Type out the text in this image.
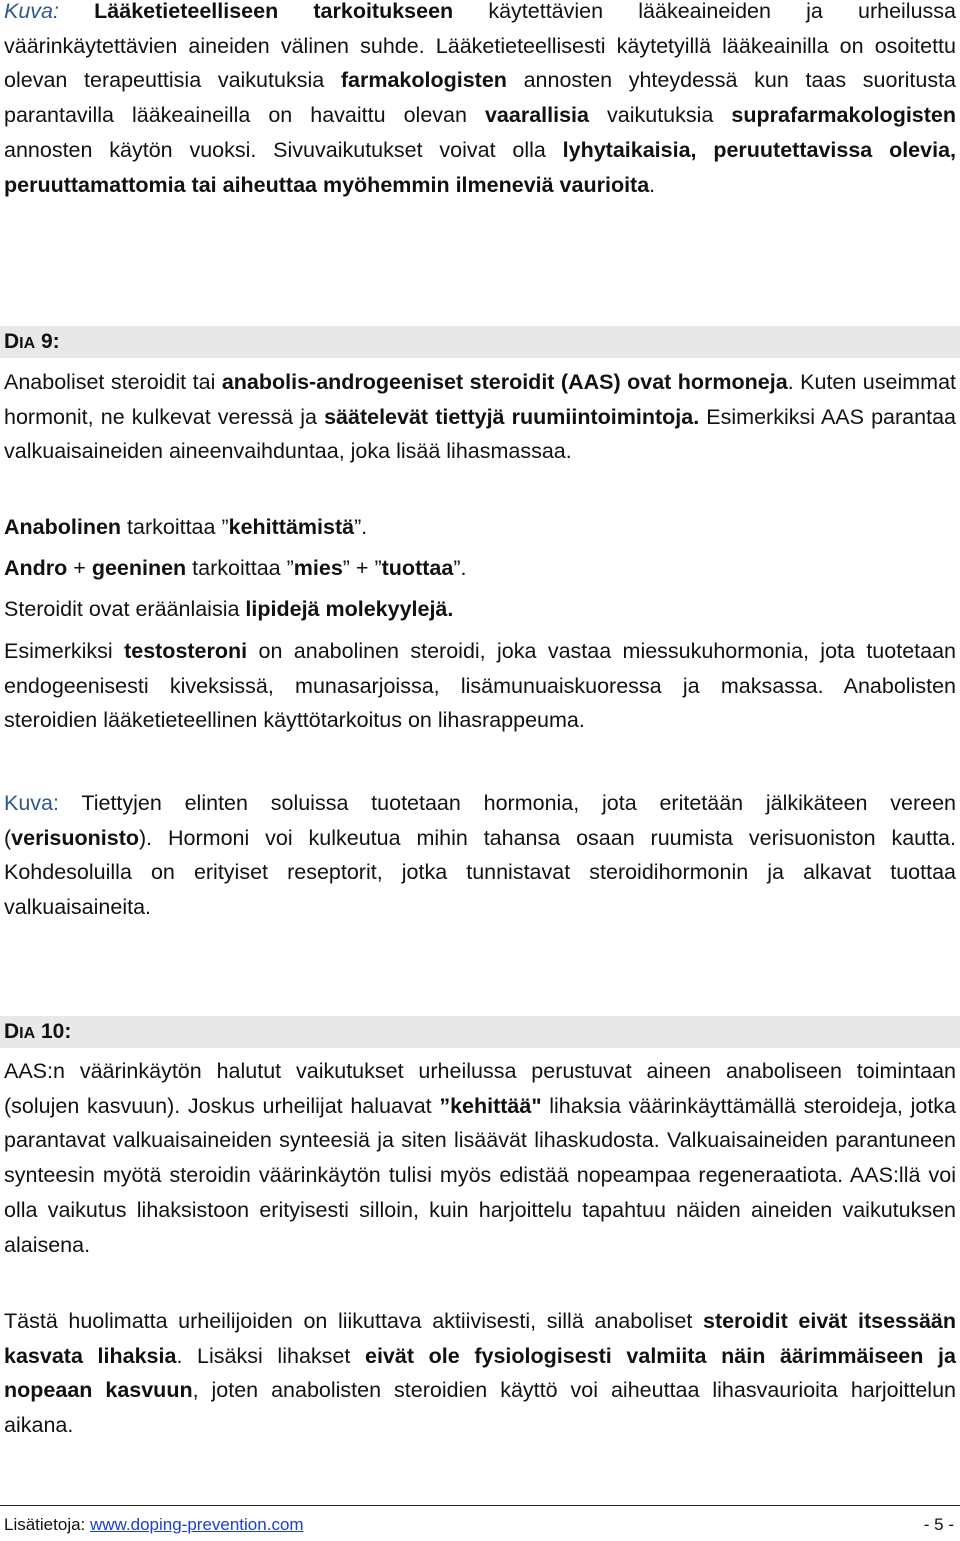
Kuva: Lääketieteelliseen tarkoitukseen käytettävien lääkeaineiden ja urheilussa väärinkäytettävien aineiden välinen suhde. Lääketieteellisesti käytetyillä lääkeainilla on osoitettu olevan terapeuttisia vaikutuksia farmakologisten annosten yhteydessä kun taas suoritusta parantavilla lääkeaineilla on havaittu olevan vaarallisia vaikutuksia suprafarmakologisten annosten käytön vuoksi. Sivuvaikutukset voivat olla lyhytaikaisia, peruutettavissa olevia, peruuttamattomia tai aiheuttaa myöhemmin ilmeneviä vaurioita.

DIA 9:

Anaboliset steroidit tai anabolis-androgeeniset steroidit (AAS) ovat hormoneja. Kuten useimmat hormonit, ne kulkevat veressä ja säätelevät tiettyjä ruumiintoimintoja. Esimerkiksi AAS parantaa valkuaisaineiden aineenvaihduntaa, joka lisää lihasmassaa.

Anabolinen tarkoittaa ”kehittämistä”.

Andro + geeninen tarkoittaa ”mies” + ”tuottaa”.

Steroidit ovat eräänlaisia lipidejä molekyylejä.

Esimerkiksi testosteroni on anabolinen steroidi, joka vastaa miessukuhormonia, jota tuotetaan endogeenisesti kiveksissä, munasarjoissa, lisämunuaiskuoressa ja maksassa. Anabolisten steroidien lääketieteellinen käyttötarkoitus on lihasrappeuma.

Kuva: Tiettyjen elinten soluissa tuotetaan hormonia, jota eritetään jälkikäteen vereen (verisuonisto). Hormoni voi kulkeutua mihin tahansa osaan ruumista verisuoniston kautta. Kohdesoluilla on erityiset reseptorit, jotka tunnistavat steroidihormonin ja alkavat tuottaa valkuaisaineita.

DIA 10:

AAS:n väärinkäytön halutut vaikutukset urheilussa perustuvat aineen anaboliseen toimintaan (solujen kasvuun). Joskus urheilijat haluavat ”kehittää" lihaksia väärinkäyttämällä steroideja, jotka parantavat valkuaisaineiden synteesiä ja siten lisäävät lihaskudosta. Valkuaisaineiden parantuneen synteesin myötä steroidin väärinkäytön tulisi myös edistää nopeampaa regeneraatiota. AAS:llä voi olla vaikutus lihaksistoon erityisesti silloin, kuin harjoittelu tapahtuu näiden aineiden vaikutuksen alaisena.

Tästä huolimatta urheilijoiden on liikuttava aktiivisesti, sillä anaboliset steroidit eivät itsessään kasvata lihaksia. Lisäksi lihakset eivät ole fysiologisesti valmiita näin äärimmäiseen ja nopeaan kasvuun, joten anabolisten steroidien käyttö voi aiheuttaa lihasvaurioita harjoittelun aikana.

Lisätietoja: www.doping-prevention.com	- 5 -
